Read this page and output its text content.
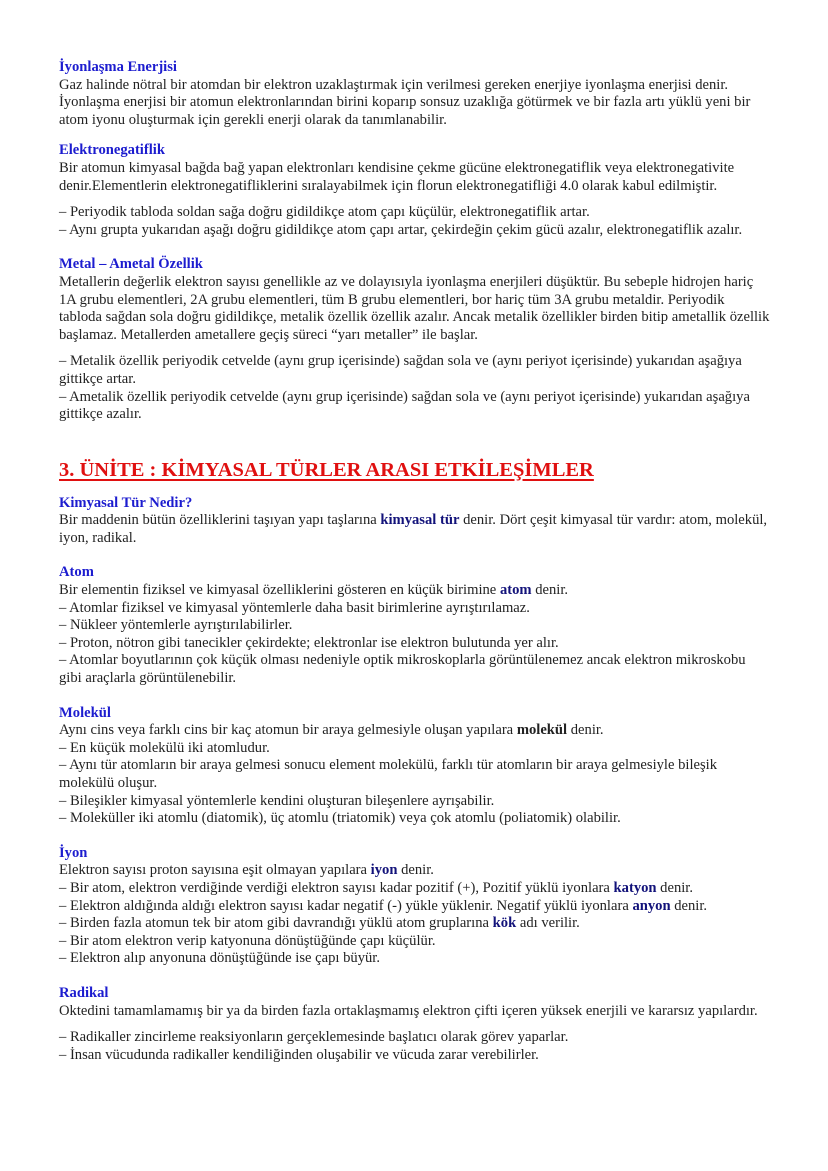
İyonlaşma Enerjisi

Gaz halinde nötral bir atomdan bir elektron uzaklaştırmak için verilmesi gereken enerjiye iyonlaşma enerjisi denir. İyonlaşma enerjisi bir atomun elektronlarından birini koparıp sonsuz uzaklığa götürmek ve bir fazla artı yüklü yeni bir atom iyonu oluşturmak için gerekli enerji olarak da tanımlanabilir.

Elektronegatiflik

Bir atomun kimyasal bağda bağ yapan elektronları kendisine çekme gücüne elektronegatiflik veya elektronegativite denir.Elementlerin elektronegatifliklerini sıralayabilmek için florun elektronegatifliği 4.0 olarak kabul edilmiştir.

– Periyodik tabloda soldan sağa doğru gidildikçe atom çapı küçülür, elektronegatiflik artar.

– Aynı grupta yukarıdan aşağı doğru gidildikçe atom çapı artar, çekirdeğin çekim gücü azalır, elektronegatiflik azalır.

Metal – Ametal Özellik

Metallerin değerlik elektron sayısı genellikle az ve dolayısıyla iyonlaşma enerjileri düşüktür. Bu sebeple hidrojen hariç 1A grubu elementleri, 2A grubu elementleri, tüm B grubu elementleri, bor hariç tüm 3A grubu metaldir. Periyodik tabloda sağdan sola doğru gidildikçe, metalik özellik özellik azalır. Ancak metalik özellikler birden bitip ametallik özellik başlamaz. Metallerden ametallere geçiş süreci “yarı metaller” ile başlar.

– Metalik özellik periyodik cetvelde (aynı grup içerisinde) sağdan sola ve (aynı periyot içerisinde) yukarıdan aşağıya gittikçe artar.

– Ametalik özellik periyodik cetvelde (aynı grup içerisinde) sağdan sola ve (aynı periyot içerisinde) yukarıdan aşağıya gittikçe azalır.

3. ÜNİTE : KİMYASAL TÜRLER ARASI ETKİLEŞİMLER
Kimyasal Tür Nedir?

Bir maddenin bütün özelliklerini taşıyan yapı taşlarına kimyasal tür denir. Dört çeşit kimyasal tür vardır: atom, molekül, iyon, radikal.

Atom

Bir elementin fiziksel ve kimyasal özelliklerini gösteren en küçük birimine atom denir.

– Atomlar fiziksel ve kimyasal yöntemlerle daha basit birimlerine ayrıştırılamaz.

– Nükleer yöntemlerle ayrıştırılabilirler.

– Proton, nötron gibi tanecikler çekirdekte; elektronlar ise elektron bulutunda yer alır.

– Atomlar boyutlarının çok küçük olması nedeniyle optik mikroskoplarla görüntülenemez ancak elektron mikroskobu gibi araçlarla görüntülenebilir.

Molekül

Aynı cins veya farklı cins bir kaç atomun bir araya gelmesiyle oluşan yapılara molekül denir.

– En küçük molekülü iki atomludur.

– Aynı tür atomların bir araya gelmesi sonucu element molekülü, farklı tür atomların bir araya gelmesiyle bileşik molekülü oluşur.

– Bileşikler kimyasal yöntemlerle kendini oluşturan bileşenlere ayrışabilir.

– Moleküller iki atomlu (diatomik), üç atomlu (triatomik) veya çok atomlu (poliatomik) olabilir.

İyon

Elektron sayısı proton sayısına eşit olmayan yapılara iyon denir.

– Bir atom, elektron verdiğinde verdiği elektron sayısı kadar pozitif (+), Pozitif yüklü iyonlara katyon denir.

– Elektron aldığında aldığı elektron sayısı kadar negatif (-) yükle yüklenir. Negatif yüklü iyonlara anyon denir.

– Birden fazla atomun tek bir atom gibi davrandığı yüklü atom gruplarına kök adı verilir.

– Bir atom elektron verip katyonuna dönüştüğünde çapı küçülür.

– Elektron alıp anyonuna dönüştüğünde ise çapı büyür.

Radikal

Oktedini tamamlamamış bir ya da birden fazla ortaklaşmamış elektron çifti içeren yüksek enerjili ve kararsız yapılardır.

– Radikaller zincirleme reaksiyonların gerçeklemesinde başlatıcı olarak görev yaparlar.

– İnsan vücudunda radikaller kendiliğinden oluşabilir ve vücuda zarar verebilirler.
